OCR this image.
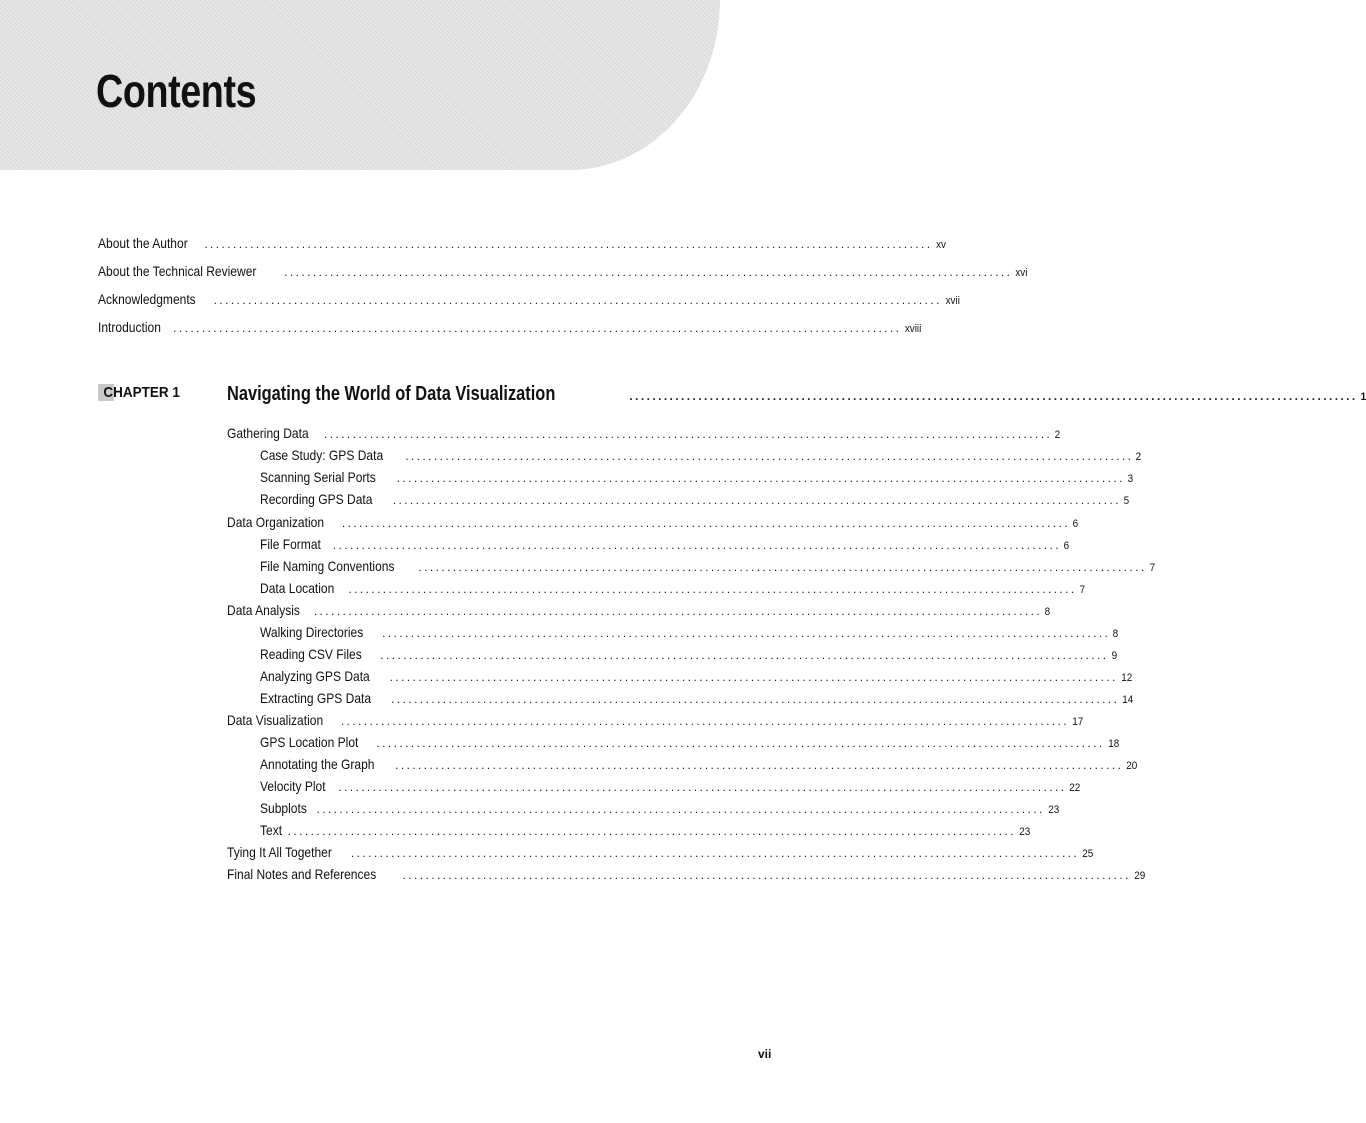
Contents
About the Author ............................................................................................................................... xv
About the Technical Reviewer ............................................................................................................................... xvi
Acknowledgments ............................................................................................................................... xvii
Introduction ............................................................................................................................... xviii
CHAPTER 1 Navigating the World of Data Visualization	............................................................................................................................... 1
Gathering Data ............................................................................................................................... 2
Case Study: GPS Data ............................................................................................................................... 2
Scanning Serial Ports ............................................................................................................................... 3
Recording GPS Data ............................................................................................................................... 5
Data Organization ............................................................................................................................... 6
File Format ............................................................................................................................... 6
File Naming Conventions ............................................................................................................................... 7
Data Location ............................................................................................................................... 7
Data Analysis ............................................................................................................................... 8
Walking Directories ............................................................................................................................... 8
Reading CSV Files ............................................................................................................................... 9
Analyzing GPS Data ............................................................................................................................... 12
Extracting GPS Data ............................................................................................................................... 14
Data Visualization ............................................................................................................................... 17
GPS Location Plot ............................................................................................................................... 18
Annotating the Graph ............................................................................................................................... 20
Velocity Plot ............................................................................................................................... 22
Subplots ............................................................................................................................... 23
Text ............................................................................................................................... 23
Tying It All Together ............................................................................................................................... 25
Final Notes and References ............................................................................................................................... 29
vii
